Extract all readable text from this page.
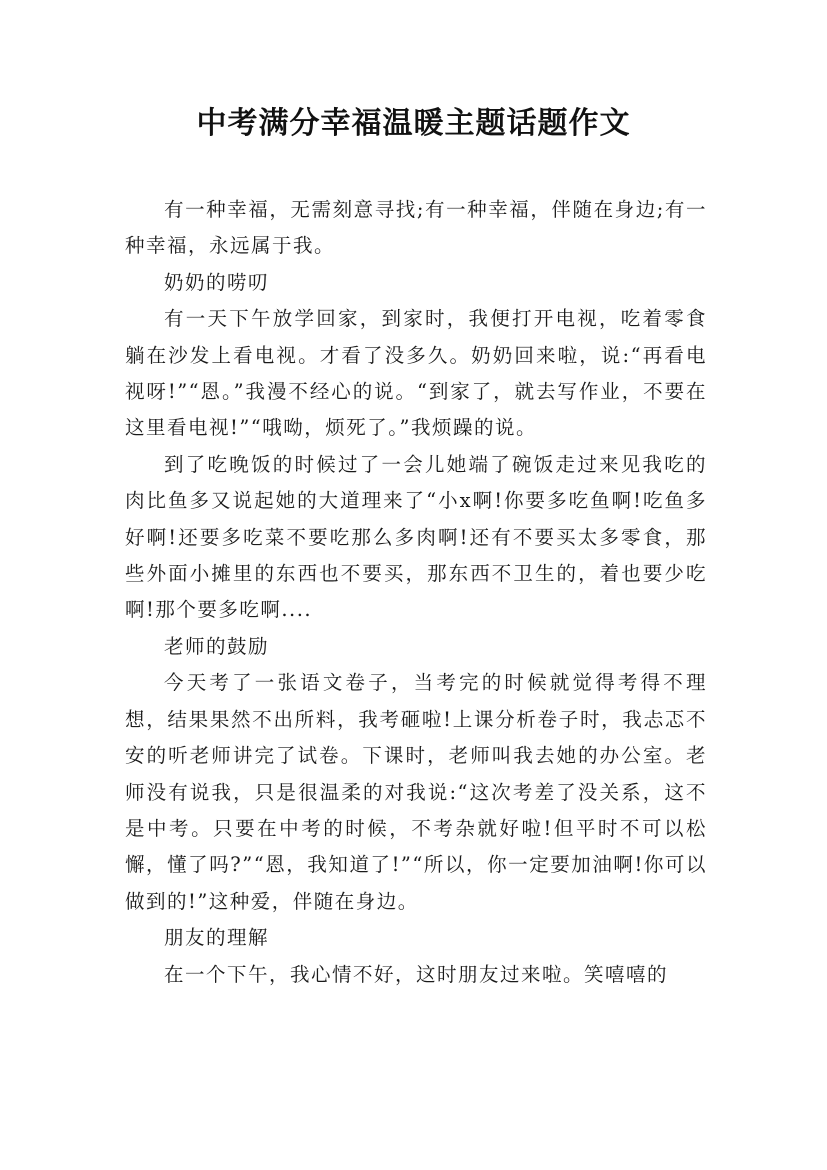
中考满分幸福温暖主题话题作文

有一种幸福，无需刻意寻找;有一种幸福，伴随在身边;有一种幸福，永远属于我。

奶奶的唠叨

有一天下午放学回家，到家时，我便打开电视，吃着零食躺在沙发上看电视。才看了没多久。奶奶回来啦，说:“再看电视呀!”“恩。”我漫不经心的说。“到家了，就去写作业，不要在这里看电视!”“哦呦，烦死了。”我烦躁的说。

到了吃晚饭的时候过了一会儿她端了碗饭走过来见我吃的肉比鱼多又说起她的大道理来了“小x啊!你要多吃鱼啊!吃鱼多好啊!还要多吃菜不要吃那么多肉啊!还有不要买太多零食，那些外面小摊里的东西也不要买，那东西不卫生的，着也要少吃啊!那个要多吃啊....

老师的鼓励

今天考了一张语文卷子，当考完的时候就觉得考得不理想，结果果然不出所料，我考砸啦!上课分析卷子时，我忐忑不安的听老师讲完了试卷。下课时，老师叫我去她的办公室。老师没有说我，只是很温柔的对我说:“这次考差了没关系，这不是中考。只要在中考的时候，不考杂就好啦!但平时不可以松懈，懂了吗?”“恩，我知道了!”“所以，你一定要加油啊!你可以做到的!”这种爱，伴随在身边。

朋友的理解

在一个下午，我心情不好，这时朋友过来啦。笑嘻嘻的
